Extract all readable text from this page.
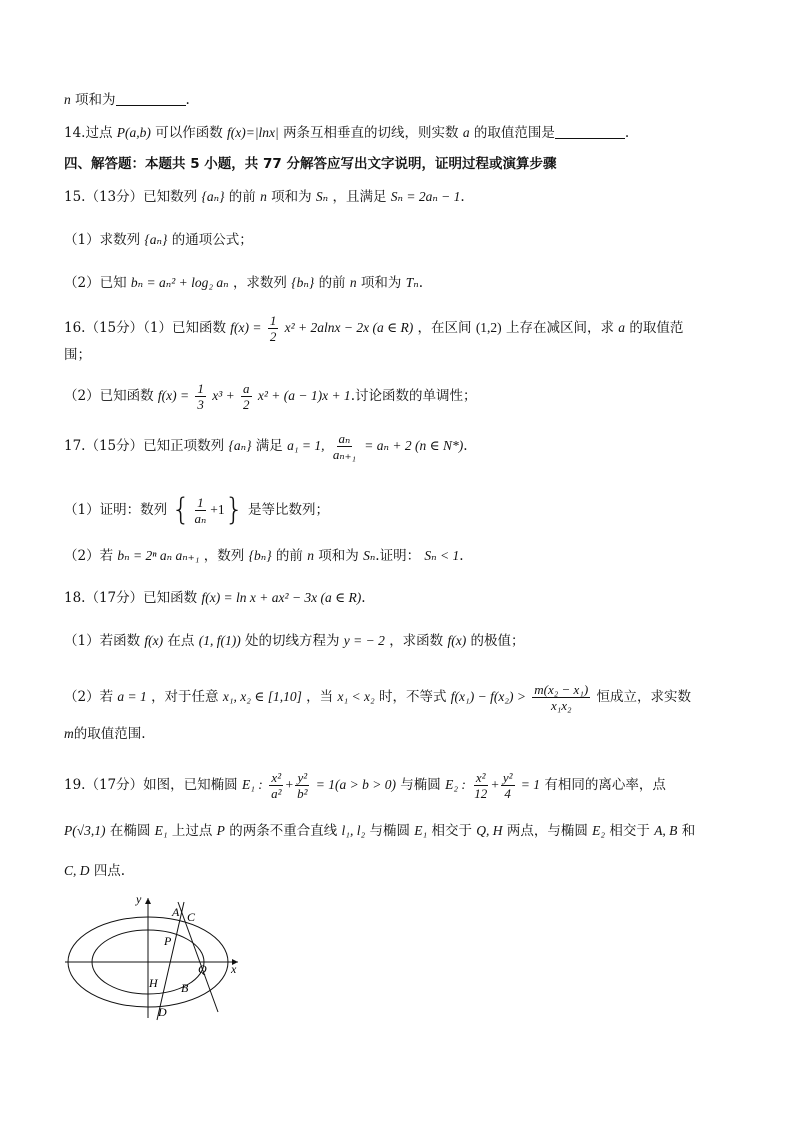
n 项和为	.
14.过点 P(a,b) 可以作函数 f(x)=|lnx| 两条互相垂直的切线，则实数 a 的取值范围是	.
四、解答题：本题共 5 小题，共 77 分解答应写出文字说明，证明过程或演算步骤
15.（13分）已知数列 {aₙ} 的前 n 项和为 Sₙ ，且满足 Sₙ = 2aₙ − 1.
（1）求数列 {aₙ} 的通项公式；
（2）已知 bₙ = aₙ² + log₂ aₙ ，求数列 {bₙ} 的前 n 项和为 Tₙ.
16.（15分）（1）已知函数 $f(x) = \frac{1}{2} x^2 + 2alnx - 2x$ (a ∈ R) ，在区间 (1,2) 上存在减区间，求 a 的取值范
围；
（2）已知函数 $f(x) = \frac{1}{3} x^3 + \frac{a}{2} x^2 + (a - 1)x + 1$.讨论函数的单调性；
17.（15分）已知正项数列 {aₙ} 满足 a₁ = 1, $\frac{\text{aₙ}}{\text{aₙ₊₁}} = a_n + 2$ (n ∈ N*).
（1）证明：数列 { $\frac{1}{\text{aₙ}} +1$} 是等比数列；
（2）若 bₙ = 2ⁿ aₙ aₙ₊₁ ，数列 {bₙ} 的前 n 项和为 Sₙ.证明： Sₙ < 1.
18.（17分）已知函数 f(x) = ln x + ax² − 3x (a ∈ R).
（1）若函数 f(x) 在点 (1, f(1)) 处的切线方程为 y = − 2 ，求函数 f(x) 的极值；
（2）若 a = 1 ，对于任意 x₁, x₂ ∈ [1,10] ，当 x₁ < x₂ 时，不等式 $f(x_1) - f(x_2) > \frac{\text{m(x₂ − x₁)}}{\text{x₁x₂}}$ 恒成立，求实数
m的取值范围.
19.（17分）如图，已知椭圆 E₁ : $\frac{\text{x²}}{\text{a²}} + \frac{\text{y²}}{\text{b²}} = 1(a > b > 0)$ 与椭圆 E₂ : $\frac{\text{x²}}{12} + \frac{\text{y²}}{4} = 1$ 有相同的离心率，点
P(√3,1) 在椭圆 E₁ 上过点 P 的两条不重合直线 l₁, l₂ 与椭圆 E₁ 相交于 Q, H 两点，与椭圆 E₂ 相交于 A, B 和
C, D 四点.
y
x
A C
P
Q
H B
D
